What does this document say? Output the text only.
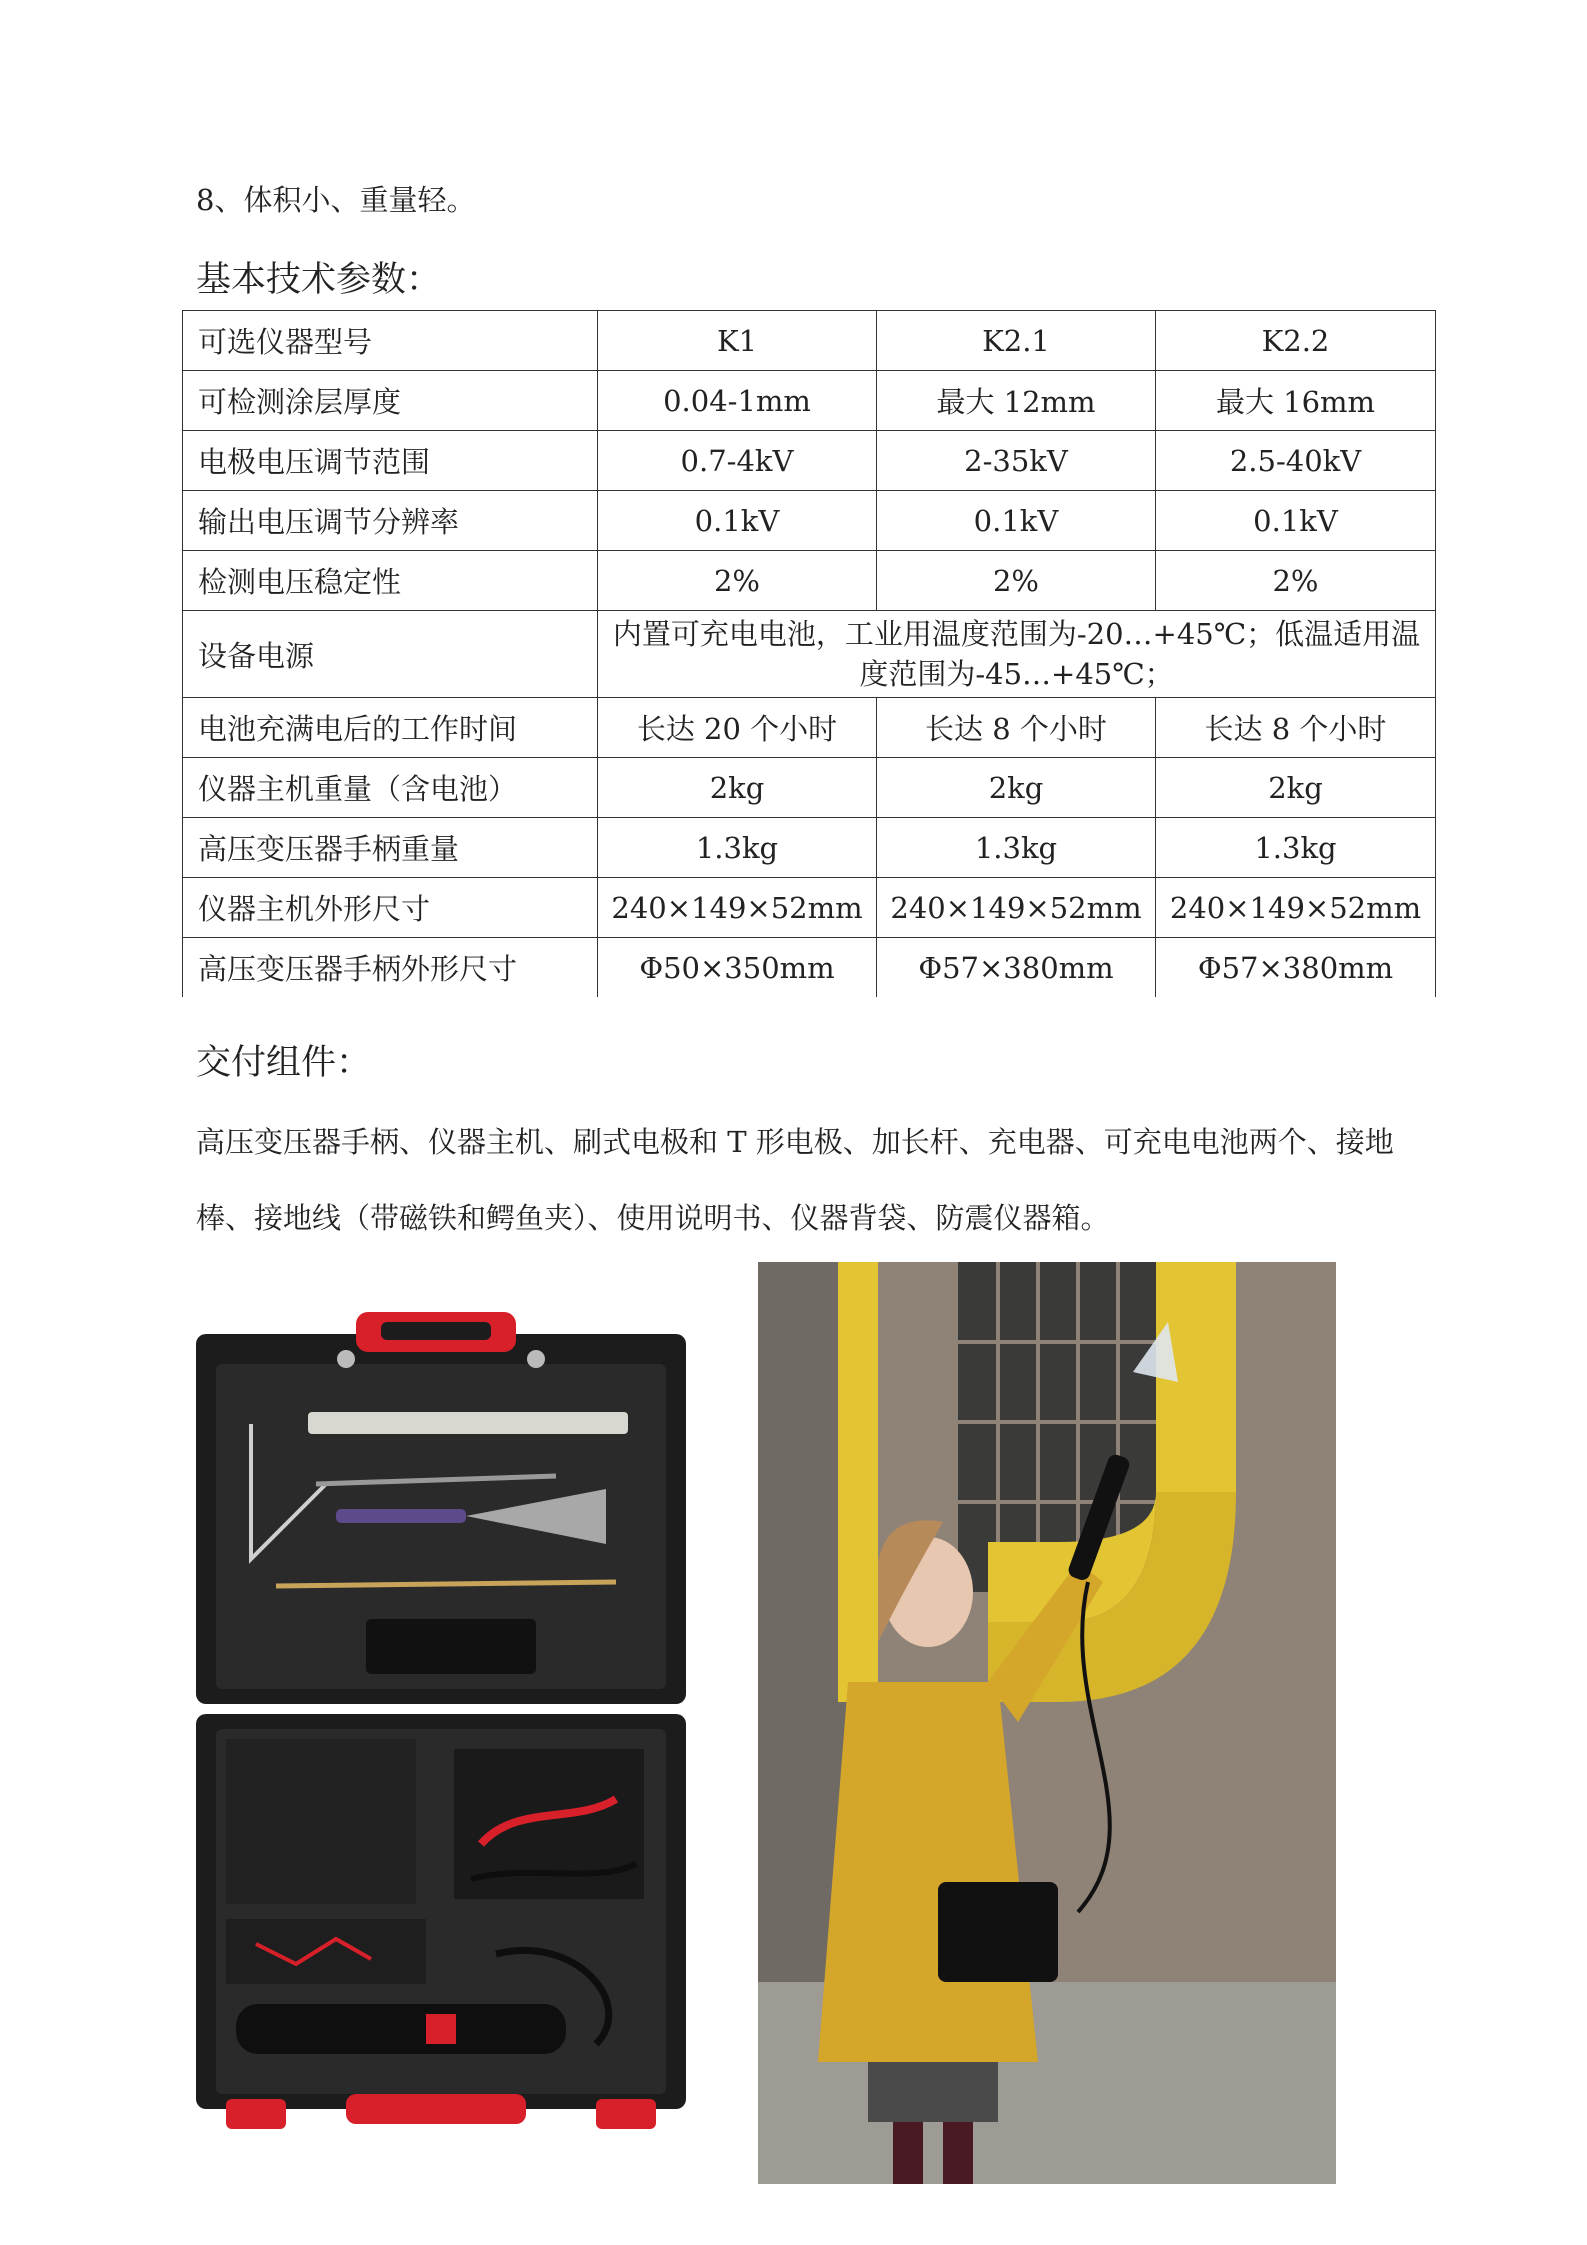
8、体积小、重量轻。
基本技术参数：
可选仪器型号	K1	K2.1	K2.2
可检测涂层厚度	0.04-1mm	最大 12mm	最大 16mm
电极电压调节范围	0.7-4kV	2-35kV	2.5-40kV
输出电压调节分辨率	0.1kV	0.1kV	0.1kV
检测电压稳定性	2%	2%	2%
设备电源	内置可充电电池，工业用温度范围为-20…+45℃；低温适用温度范围为-45…+45℃；		
电池充满电后的工作时间	长达 20 个小时	长达 8 个小时	长达 8 个小时
仪器主机重量（含电池）	2kg	2kg	2kg
高压变压器手柄重量	1.3kg	1.3kg	1.3kg
仪器主机外形尺寸	240×149×52mm	240×149×52mm	240×149×52mm
高压变压器手柄外形尺寸	Φ50×350mm	Φ57×380mm	Φ57×380mm
交付组件：
高压变压器手柄、仪器主机、刷式电极和 T 形电极、加长杆、充电器、可充电电池两个、接地棒、接地线（带磁铁和鳄鱼夹）、使用说明书、仪器背袋、防震仪器箱。
